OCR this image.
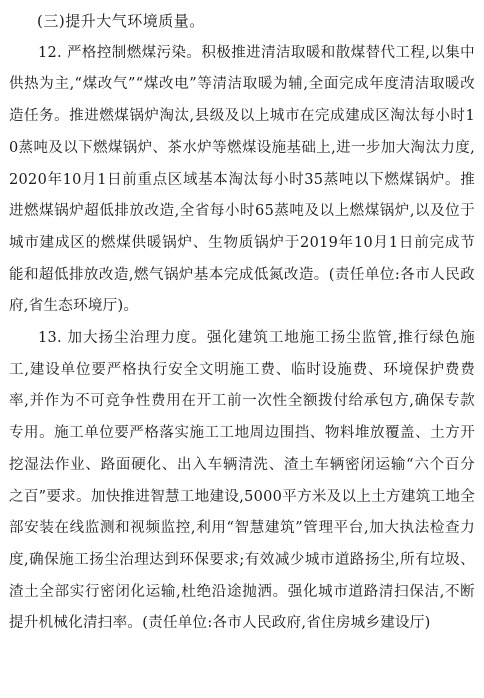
(三)提升大气环境质量。

12. 严格控制燃煤污染。积极推进清洁取暖和散煤替代工程,以集中供热为主,“煤改气”“煤改电”等清洁取暖为辅,全面完成年度清洁取暖改造任务。推进燃煤锅炉淘汰,县级及以上城市在完成建成区淘汰每小时10蒸吨及以下燃煤锅炉、茶水炉等燃煤设施基础上,进一步加大淘汰力度,2020年10月1日前重点区域基本淘汰每小时35蒸吨以下燃煤锅炉。推进燃煤锅炉超低排放改造,全省每小时65蒸吨及以上燃煤锅炉,以及位于城市建成区的燃煤供暖锅炉、生物质锅炉于2019年10月1日前完成节能和超低排放改造,燃气锅炉基本完成低氮改造。(责任单位:各市人民政府,省生态环境厅)。

13. 加大扬尘治理力度。强化建筑工地施工扬尘监管,推行绿色施工,建设单位要严格执行安全文明施工费、临时设施费、环境保护费费率,并作为不可竞争性费用在开工前一次性全额拨付给承包方,确保专款专用。施工单位要严格落实施工工地周边围挡、物料堆放覆盖、土方开挖湿法作业、路面硬化、出入车辆清洗、渣土车辆密闭运输“六个百分之百”要求。加快推进智慧工地建设,5000平方米及以上土方建筑工地全部安装在线监测和视频监控,利用“智慧建筑”管理平台,加大执法检查力度,确保施工扬尘治理达到环保要求;有效减少城市道路扬尘,所有垃圾、渣土全部实行密闭化运输,杜绝沿途抛洒。强化城市道路清扫保洁,不断提升机械化清扫率。(责任单位:各市人民政府,省住房城乡建设厅)
